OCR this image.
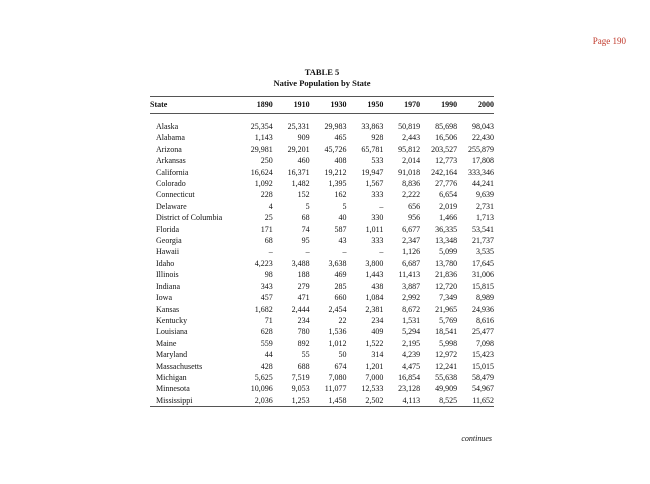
Page 190
TABLE 5
Native Population by State
State	1890	1910	1930	1950	1970	1990	2000

Alaska	25,354	25,331	29,983	33,863	50,819	85,698	98,043
Alabama	1,143	909	465	928	2,443	16,506	22,430
Arizona	29,981	29,201	45,726	65,781	95,812	203,527	255,879
Arkansas	250	460	408	533	2,014	12,773	17,808
California	16,624	16,371	19,212	19,947	91,018	242,164	333,346
Colorado	1,092	1,482	1,395	1,567	8,836	27,776	44,241
Connecticut	228	152	162	333	2,222	6,654	9,639
Delaware	4	5	5	–	656	2,019	2,731
District of Columbia	25	68	40	330	956	1,466	1,713
Florida	171	74	587	1,011	6,677	36,335	53,541
Georgia	68	95	43	333	2,347	13,348	21,737
Hawaii	–	–	–	–	1,126	5,099	3,535
Idaho	4,223	3,488	3,638	3,800	6,687	13,780	17,645
Illinois	98	188	469	1,443	11,413	21,836	31,006
Indiana	343	279	285	438	3,887	12,720	15,815
Iowa	457	471	660	1,084	2,992	7,349	8,989
Kansas	1,682	2,444	2,454	2,381	8,672	21,965	24,936
Kentucky	71	234	22	234	1,531	5,769	8,616
Louisiana	628	780	1,536	409	5,294	18,541	25,477
Maine	559	892	1,012	1,522	2,195	5,998	7,098
Maryland	44	55	50	314	4,239	12,972	15,423
Massachusetts	428	688	674	1,201	4,475	12,241	15,015
Michigan	5,625	7,519	7,080	7,000	16,854	55,638	58,479
Minnesota	10,096	9,053	11,077	12,533	23,128	49,909	54,967
Mississippi	2,036	1,253	1,458	2,502	4,113	8,525	11,652
continues
